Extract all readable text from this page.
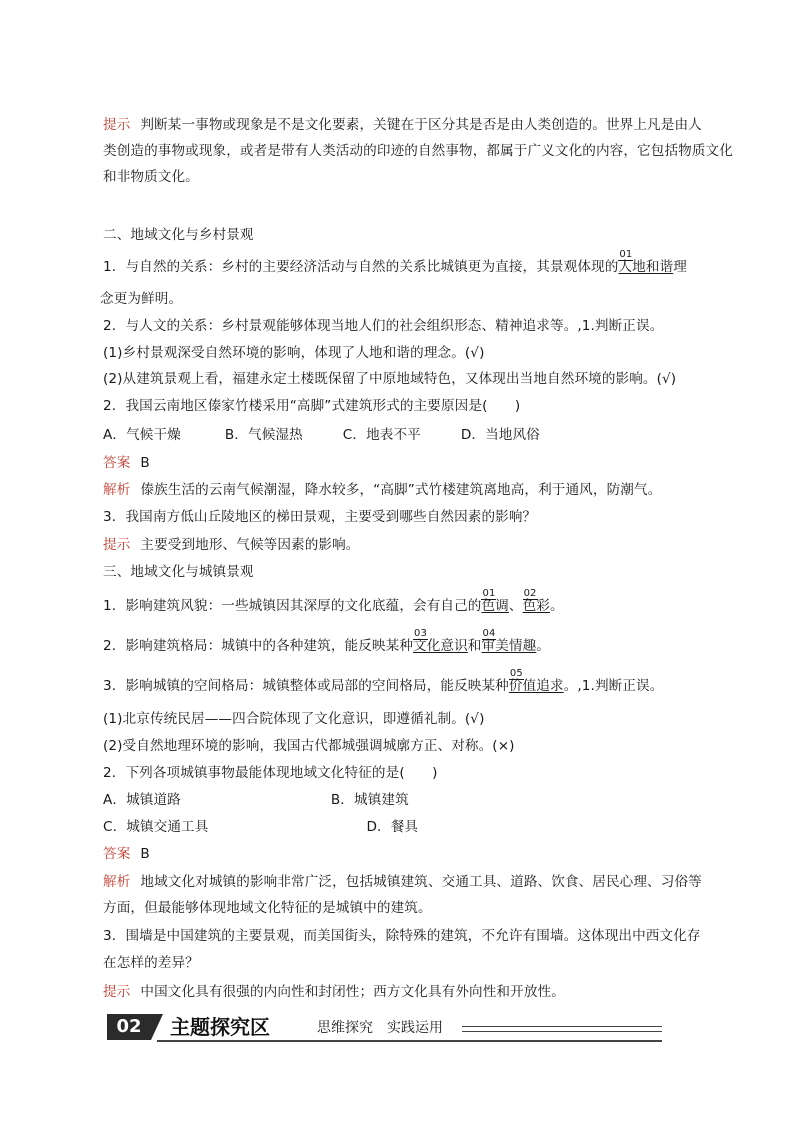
提示 判断某一事物或现象是不是文化要素，关键在于区分其是否是由人类创造的。世界上凡是由人
类创造的事物或现象，或者是带有人类活动的印迹的自然事物，都属于广义文化的内容，它包括物质文化
和非物质文化。
二、地域文化与乡村景观
1．与自然的关系：乡村的主要经济活动与自然的关系比城镇更为直接，其景观体现的
01
人地和谐理
念更为鲜明。
2．与人文的关系：乡村景观能够体现当地人们的社会组织形态、精神追求等。,1.判断正误。
(1)乡村景观深受自然环境的影响，体现了人地和谐的理念。(√)
(2)从建筑景观上看，福建永定土楼既保留了中原地域特色，又体现出当地自然环境的影响。(√)
2．我国云南地区傣家竹楼采用“高脚”式建筑形式的主要原因是(　　)
A．气候干燥	B．气候湿热	C．地表不平	D．当地风俗
答案 B
解析 傣族生活的云南气候潮湿，降水较多，“高脚”式竹楼建筑离地高，利于通风，防潮气。
3．我国南方低山丘陵地区的梯田景观，主要受到哪些自然因素的影响？
提示 主要受到地形、气候等因素的影响。
三、地域文化与城镇景观
1．影响建筑风貌：一些城镇因其深厚的文化底蕴，会有自己的
01
色调、
02
色彩。
2．影响建筑格局：城镇中的各种建筑，能反映某种
03
文化意识和
04
审美情趣。
3．影响城镇的空间格局：城镇整体或局部的空间格局，能反映某种
05
价值追求。,1.判断正误。
(1)北京传统民居——四合院体现了文化意识，即遵循礼制。(√)
(2)受自然地理环境的影响，我国古代都城强调城廓方正、对称。(×)
2．下列各项城镇事物最能体现地域文化特征的是(　　)
A．城镇道路	B．城镇建筑
C．城镇交通工具	D．餐具
答案 B
解析 地域文化对城镇的影响非常广泛，包括城镇建筑、交通工具、道路、饮食、居民心理、习俗等
方面，但最能够体现地域文化特征的是城镇中的建筑。
3．围墙是中国建筑的主要景观，而美国街头，除特殊的建筑，不允许有围墙。这体现出中西文化存
在怎样的差异？
提示 中国文化具有很强的内向性和封闭性；西方文化具有外向性和开放性。
02	主题探究区	思维探究　实践运用
